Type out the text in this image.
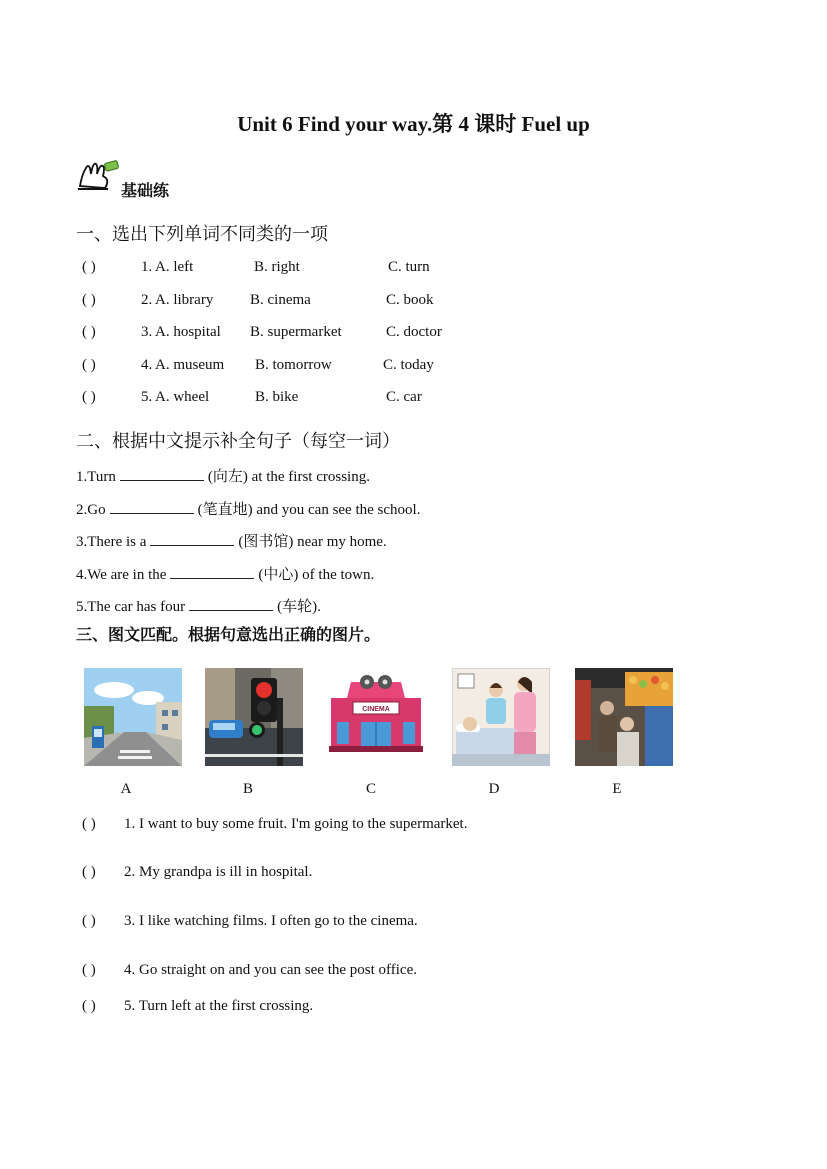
Unit 6 Find your way.第 4 课时 Fuel up
基础练
一、选出下列单词不同类的一项
( )	1. A. left	B. right	C. turn
( )	2. A. library B. cinema	C. book
( )	3. A. hospital B. supermarket	C. doctor
( )	4. A. museum B. tomorrow	C. today
( )	5. A. wheel	B. bike	C. car
二、根据中文提示补全句子（每空一词）
1.Turn	(向左) at the first crossing.
2.Go	(笔直地) and you can see the school.
3.There is a	(图书馆) near my home.
4.We are in the	(中心) of the town.
5.The car has four	(车轮).
三、图文匹配。根据句意选出正确的图片。
CINEMA
A	B	C	D	E
( ) 1. I want to buy some fruit. I'm going to the supermarket.
( ) 2. My grandpa is ill in hospital.
( ) 3. I like watching films. I often go to the cinema.
( ) 4. Go straight on and you can see the post office.
( ) 5. Turn left at the first crossing.
